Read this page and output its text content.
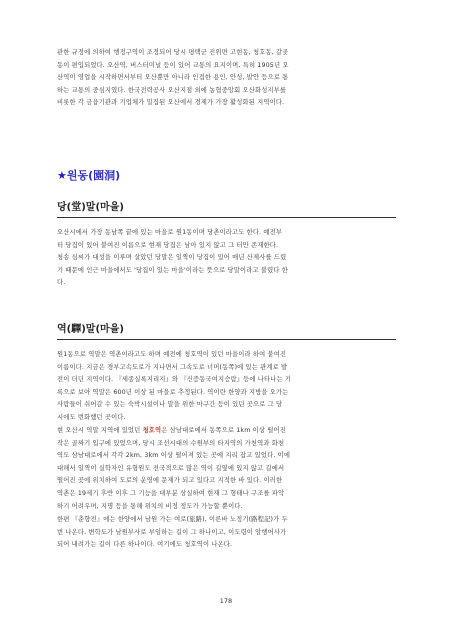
관한 규정에 의하여 행정구역이 조정되어 당시 평택군 진위면 고현동, 청호동, 갈곶
동이 편입되었다. 오산역, 버스터미널 등이 있어 교통의 요지이며, 특히 1905년 오
산역이 영업을 시작하면서부터 오산뿐만 아니라 인접한 용인, 안성, 발안 등으로 통
하는 교통의 중심지였다. 한국전력공사 오산지점 외에 농협중앙회 오산화성지부를
비롯한 각 금융기관과 기업체가 밀집된 오산에서 경제가 가장 활성화된 지역이다.
★원동(園洞)
당(堂)말(마을)
오산시에서 가장 동남쪽 끝에 있는 마을로 원1동이며 당촌이라고도 한다. 예전부
터 당집이 있어 붙여진 이름으로 현재 당집은 남아 있지 않고 그 터만 존재한다.
청송 심씨가 대성을 이루며 살았던 당말은 일찍이 당집이 있어 매년 산제사를 드렸
기 때문에 인근 마을에서도 '당집이 있는 마을'이라는 뜻으로 당말이라고 불렸다 한
다.
역(驛)말(마을)
원1동으로 역말은 역촌이라고도 하며 예전에 청호역이 있던 마을이라 하여 붙여진
이름이다. 지금은 경부고속도로가 지나면서 그속도로 너머(동쪽)에 있는 관계로 발
전이 더딘 지역이다. 『세종실록지리지』와 『신증동국여지승람』등에 나타나는 기
록으로 보아 역말은 600년 이상 된 마을로 추정된다. 역이란 한양과 지방을 오가는
사람들이 쉬어갈 수 있는 숙박시설이나 말을 위한 마구간 등이 있던 곳으로 그 당
시에도 번화했던 곳이다.
현 오산시 역말 지역에 있었던 청호역은 삼남대로에서 동쪽으로 1km 이상 떨어진
작은 골짜기 입구에 있었으며, 당시 조선시대의 수원부의 타지역의 가천역과 화천
역도 삼남대로에서 각각 2km, 3km 이상 떨어져 있는 곳에 지리 잡고 있었다. 이에
대해서 일찍이 실학자인 유형원도 전국적으로 많은 역이 길옆에 있지 않고 길에서
떨어진 곳에 위치하여 도로의 운영에 문제가 되고 있다고 지적한 바 있다. 이러한
역촌은 19세기 후반 이후 그 기능을 대부분 상실하여 현재 그 형태나 구조를 파악
하기 어려우며, 지명 등을 통해 위치의 비정 정도가 가능할 뿐이다.
한편 『춘향전』에는 한양에서 남원 가는 여로(旅路), 이른바 노정기(路程記)가 두
번 나온다. 변학도가 남원부사로 부임하는 길이 그 하나이고, 이도령이 암행어사가
되어 내려가는 길이 다른 하나이다. 여기에도 청호역이 나온다.
178
